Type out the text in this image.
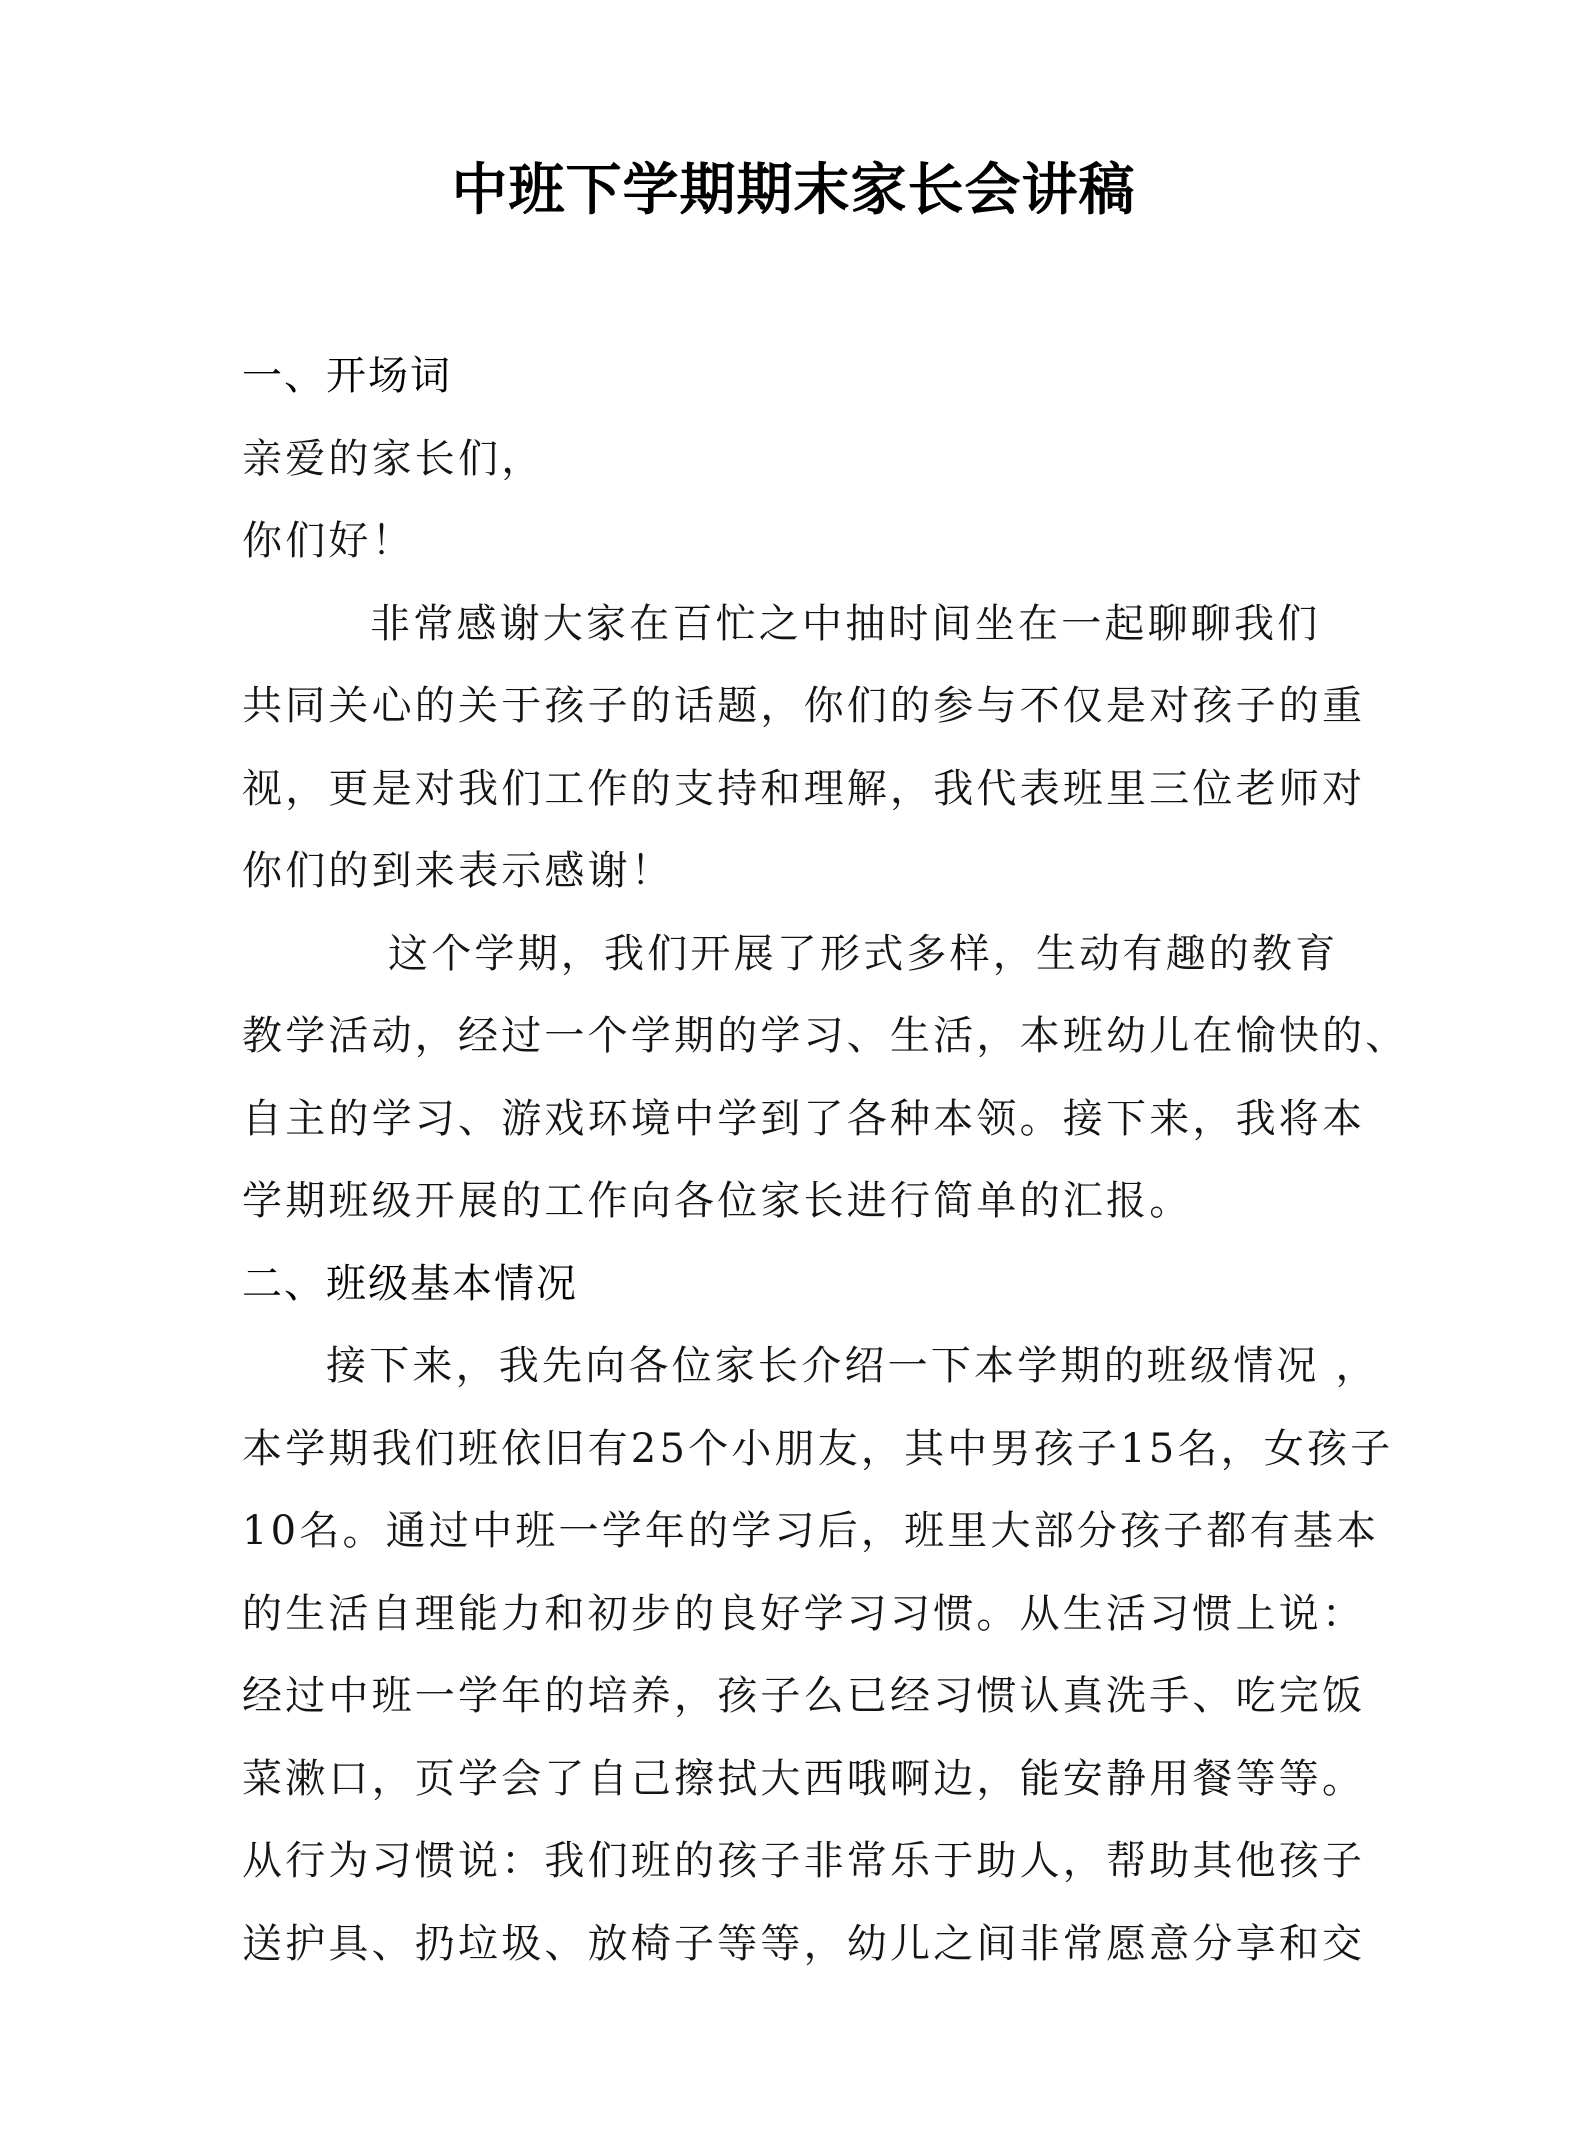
中班下学期期末家长会讲稿
一、开场词
亲爱的家长们，
你们好！
非常感谢大家在百忙之中抽时间坐在一起聊聊我们
共同关心的关于孩子的话题，你们的参与不仅是对孩子的重
视，更是对我们工作的支持和理解，我代表班里三位老师对
你们的到来表示感谢！
这个学期，我们开展了形式多样，生动有趣的教育
教学活动，经过一个学期的学习、生活，本班幼儿在愉快的、
自主的学习、游戏环境中学到了各种本领。接下来，我将本
学期班级开展的工作向各位家长进行简单的汇报。
二、班级基本情况
接下来，我先向各位家长介绍一下本学期的班级情况 ，
本学期我们班依旧有25个小朋友，其中男孩子15名，女孩子
10名。通过中班一学年的学习后，班里大部分孩子都有基本
的生活自理能力和初步的良好学习习惯。从生活习惯上说：
经过中班一学年的培养，孩子么已经习惯认真洗手、吃完饭
菜漱口，页学会了自己擦拭大西哦啊边，能安静用餐等等。
从行为习惯说：我们班的孩子非常乐于助人，帮助其他孩子
送护具、扔垃圾、放椅子等等，幼儿之间非常愿意分享和交
